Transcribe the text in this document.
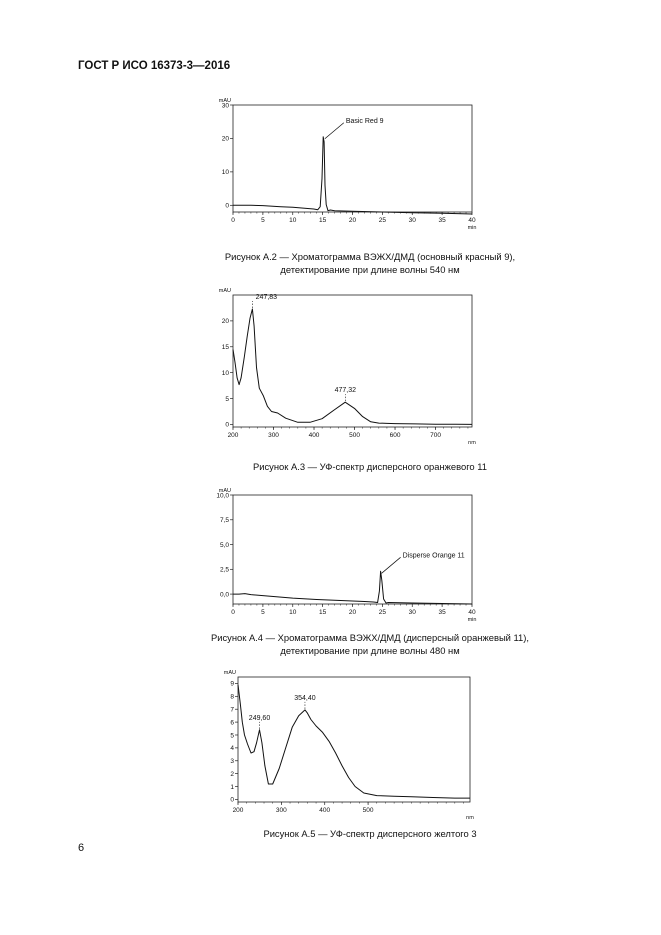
ГОСТ Р ИСО 16373-3—2016
0	5	10	15	20	25	30	35	40
0
10
20
30
mAU
min
Basic Red 9
Рисунок А.2 — Хроматограмма ВЭЖХ/ДМД (основный красный 9),
детектирование при длине волны 540 нм
200	300	400	500	600	700
0
5
10
15
20
mAU
nm
247,83
477,32
Рисунок А.3 — УФ-спектр дисперсного оранжевого 11
0	5	10	15	20	25	30	35	40
0,0
2,5
5,0
7,5
10,0
mAU
min
Disperse Orange 11
Рисунок А.4 — Хроматограмма ВЭЖХ/ДМД (дисперсный оранжевый 11),
детектирование при длине волны 480 нм
200	300	400	500
0
1
2
3
4
5
6
7
8
9
mAU
nm
249,60
354,40
Рисунок А.5 — УФ-спектр дисперсного желтого 3
6
